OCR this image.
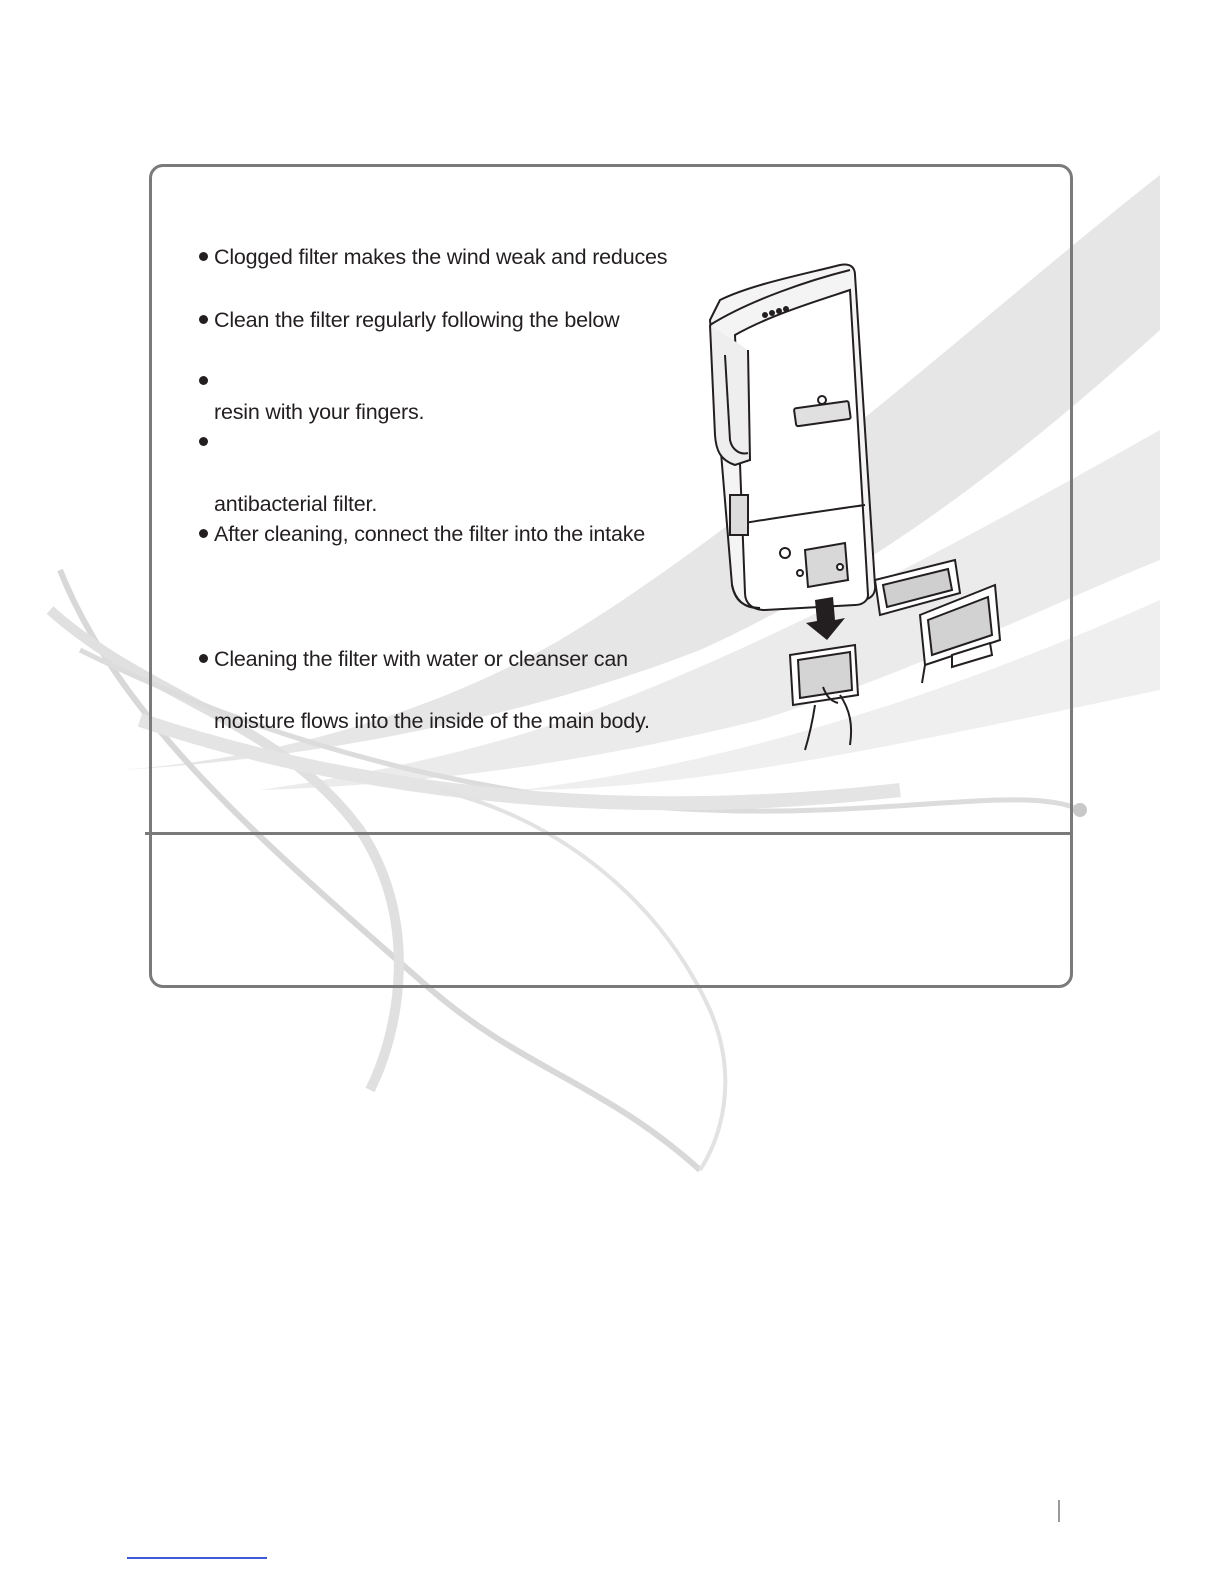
Clogged filter makes the wind weak and reduces
Clean the filter regularly following the below
resin with your fingers.
antibacterial filter.
After cleaning, connect the filter into the intake
Cleaning the filter with water or cleanser can
moisture flows into the inside of the main body.
